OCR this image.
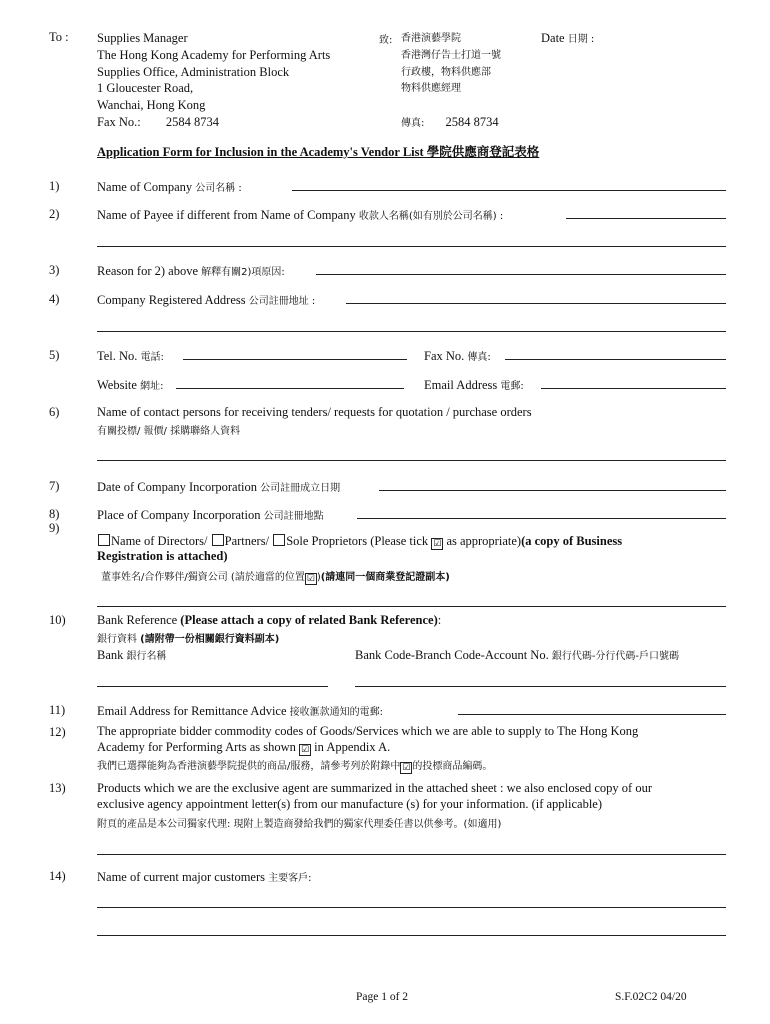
To : Supplies Manager
The Hong Kong Academy for Performing Arts
Supplies Office, Administration Block
1 Gloucester Road,
Wanchai, Hong Kong
Fax No.: 2584 8734
致: 香港演藝學院
香港灣仔告士打道一號
行政樓，物料供應部
物料供應經理
傳真: 2584 8734
Date 日期 :
Application Form for Inclusion in the Academy's Vendor List 學院供應商登記表格
1)	Name of Company 公司名稱 :
2)	Name of Payee if different from Name of Company 收款人名稱(如有別於公司名稱) :
3)	Reason for 2) above 解釋有關2)項原因:
4)	Company Registered Address 公司註冊地址 :
5)	Tel. No. 電話:	Fax No. 傳真:
Website 網址:	Email Address 電郵:
6)	Name of contact persons for receiving tenders/ requests for quotation / purchase orders
有關投標/ 報價/ 採購聯絡人資料
7)	Date of Company Incorporation 公司註冊成立日期
8)	Place of Company Incorporation 公司註冊地點
9)
Name of Directors/ Partners/ Sole Proprietors (Please tick ☑ as appropriate)(a copy of Business
Registration is attached)
董事姓名/合作夥伴/獨資公司 (請於適當的位置 ☑ )(請連同一個商業登記證副本)
10)	Bank Reference (Please attach a copy of related Bank Reference):
銀行資料 (請附帶一份相關銀行資料副本)
Bank 銀行名稱	Bank Code-Branch Code-Account No. 銀行代碼-分行代碼-戶口號碼
11)	Email Address for Remittance Advice 接收滙款通知的電郵:
12)	The appropriate bidder commodity codes of Goods/Services which we are able to supply to The Hong Kong
Academy for Performing Arts as shown ☑ in Appendix A.
我們已選擇能夠為香港演藝學院提供的商品/服務，請參考列於附錄中 ☑ 的投標商品編碼。
13)	Products which we are the exclusive agent are summarized in the attached sheet : we also enclosed copy of our
exclusive agency appointment letter(s) from our manufacture (s) for your information. (if applicable)
附頁的產品是本公司獨家代理: 現附上製造商發給我們的獨家代理委任書以供參考。(如適用)
14)	Name of current major customers 主要客戶:
Page 1 of 2	S.F.02C2 04/20
